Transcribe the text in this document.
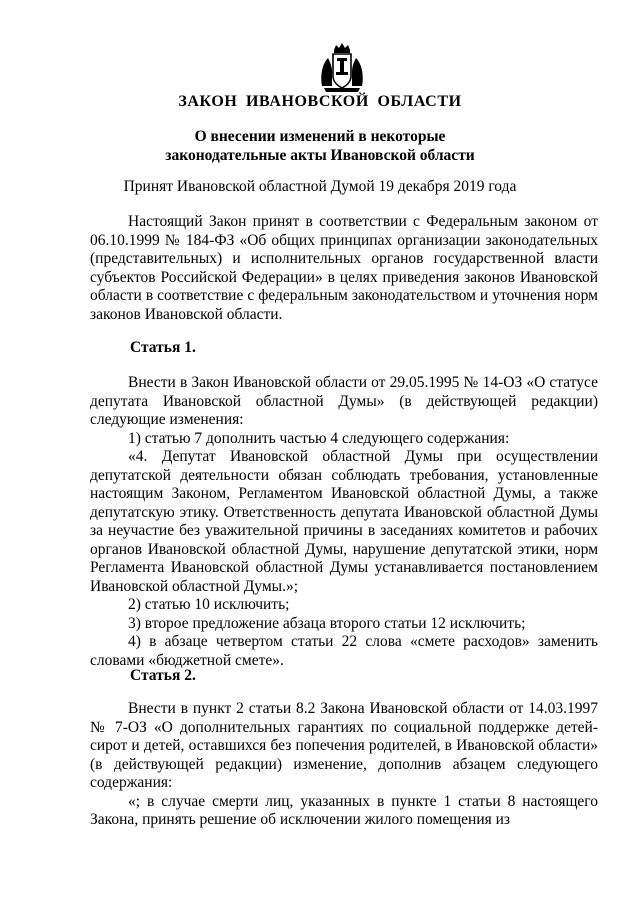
ЗАКОН ИВАНОВСКОЙ ОБЛАСТИ
О внесении изменений в некоторые
законодательные акты Ивановской области
Принят Ивановской областной Думой 19 декабря 2019 года

Настоящий Закон принят в соответствии с Федеральным законом от 06.10.1999 № 184-ФЗ «Об общих принципах организации законодательных (представительных) и исполнительных органов государственной власти субъектов Российской Федерации» в целях приведения законов Ивановской области в соответствие с федеральным законодательством и уточнения норм законов Ивановской области.

Статья 1.

Внести в Закон Ивановской области от 29.05.1995 № 14-ОЗ «О статусе депутата Ивановской областной Думы» (в действующей редакции) следующие изменения:

1) статью 7 дополнить частью 4 следующего содержания:

«4. Депутат Ивановской областной Думы при осуществлении депутатской деятельности обязан соблюдать требования, установленные настоящим Законом, Регламентом Ивановской областной Думы, а также депутатскую этику. Ответственность депутата Ивановской областной Думы за неучастие без уважительной причины в заседаниях комитетов и рабочих органов Ивановской областной Думы, нарушение депутатской этики, норм Регламента Ивановской областной Думы устанавливается постановлением Ивановской областной Думы.»;

2) статью 10 исключить;

3) второе предложение абзаца второго статьи 12 исключить;

4) в абзаце четвертом статьи 22 слова «смете расходов» заменить словами «бюджетной смете».

Статья 2.

Внести в пункт 2 статьи 8.2 Закона Ивановской области от 14.03.1997 № 7-ОЗ «О дополнительных гарантиях по социальной поддержке детей-сирот и детей, оставшихся без попечения родителей, в Ивановской области» (в действующей редакции) изменение, дополнив абзацем следующего содержания:

«; в случае смерти лиц, указанных в пункте 1 статьи 8 настоящего Закона, принять решение об исключении жилого помещения из
